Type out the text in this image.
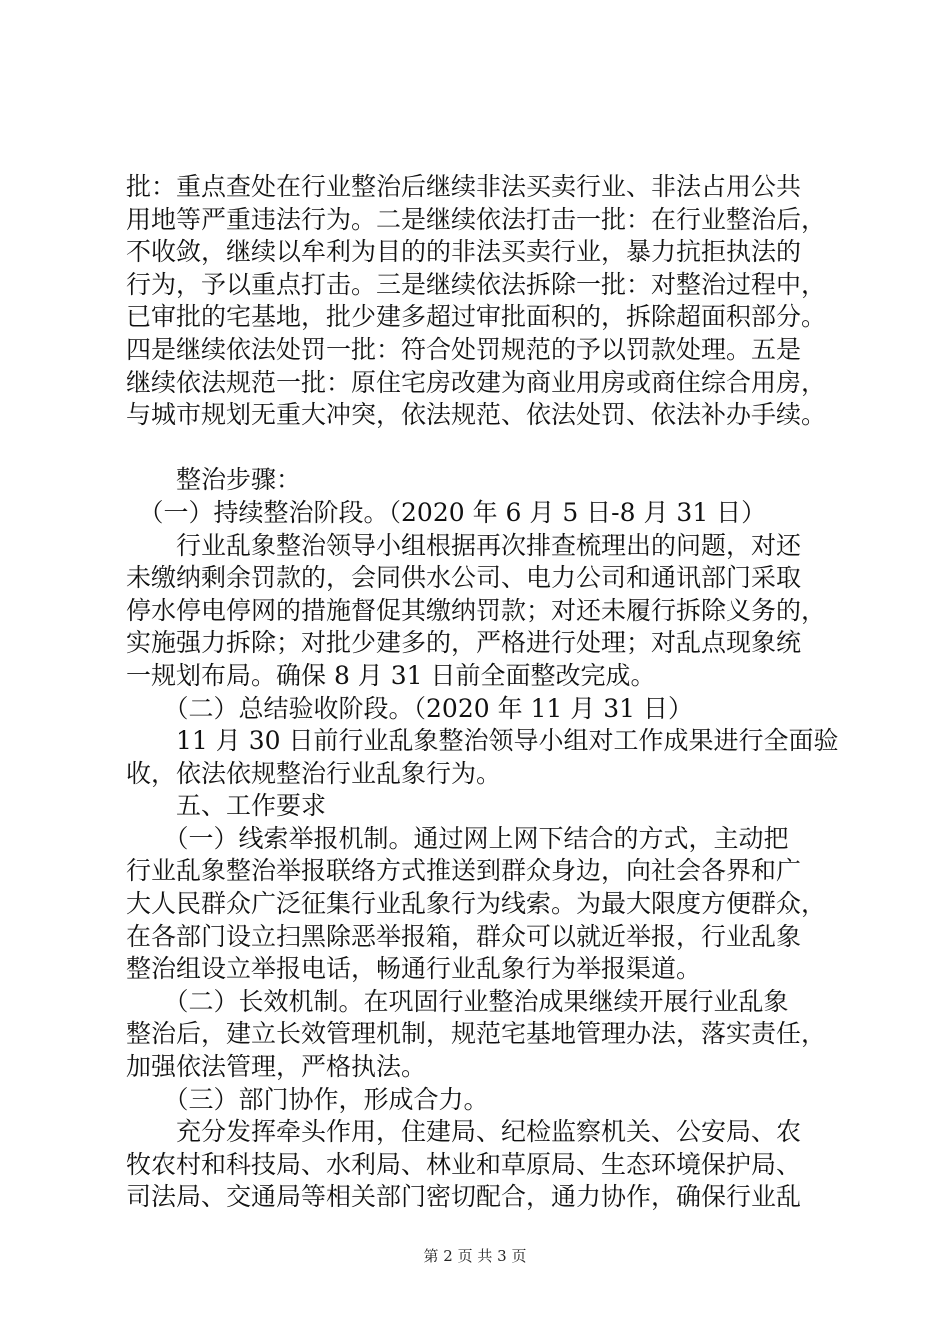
批：重点查处在行业整治后继续非法买卖行业、非法占用公共
用地等严重违法行为。二是继续依法打击一批：在行业整治后，
不收敛，继续以牟利为目的的非法买卖行业，暴力抗拒执法的
行为，予以重点打击。三是继续依法拆除一批：对整治过程中，
已审批的宅基地，批少建多超过审批面积的，拆除超面积部分。
四是继续依法处罚一批：符合处罚规范的予以罚款处理。五是
继续依法规范一批：原住宅房改建为商业用房或商住综合用房，
与城市规划无重大冲突，依法规范、依法处罚、依法补办手续。
　　整治步骤：
　（一）持续整治阶段。（2020 年 6 月 5 日-8 月 31 日）
　　行业乱象整治领导小组根据再次排查梳理出的问题，对还
未缴纳剩余罚款的，会同供水公司、电力公司和通讯部门采取
停水停电停网的措施督促其缴纳罚款；对还未履行拆除义务的，
实施强力拆除；对批少建多的，严格进行处理；对乱点现象统
一规划布局。确保 8 月 31 日前全面整改完成。
　　（二）总结验收阶段。（2020 年 11 月 31 日）
　　11 月 30 日前行业乱象整治领导小组对工作成果进行全面验
收，依法依规整治行业乱象行为。
　　五、工作要求
　　（一）线索举报机制。通过网上网下结合的方式，主动把
行业乱象整治举报联络方式推送到群众身边，向社会各界和广
大人民群众广泛征集行业乱象行为线索。为最大限度方便群众，
在各部门设立扫黑除恶举报箱，群众可以就近举报，行业乱象
整治组设立举报电话，畅通行业乱象行为举报渠道。
　　（二）长效机制。在巩固行业整治成果继续开展行业乱象
整治后，建立长效管理机制，规范宅基地管理办法，落实责任，
加强依法管理，严格执法。
　　（三）部门协作，形成合力。
　　充分发挥牵头作用，住建局、纪检监察机关、公安局、农
牧农村和科技局、水利局、林业和草原局、生态环境保护局、
司法局、交通局等相关部门密切配合，通力协作，确保行业乱
第 2 页 共 3 页
